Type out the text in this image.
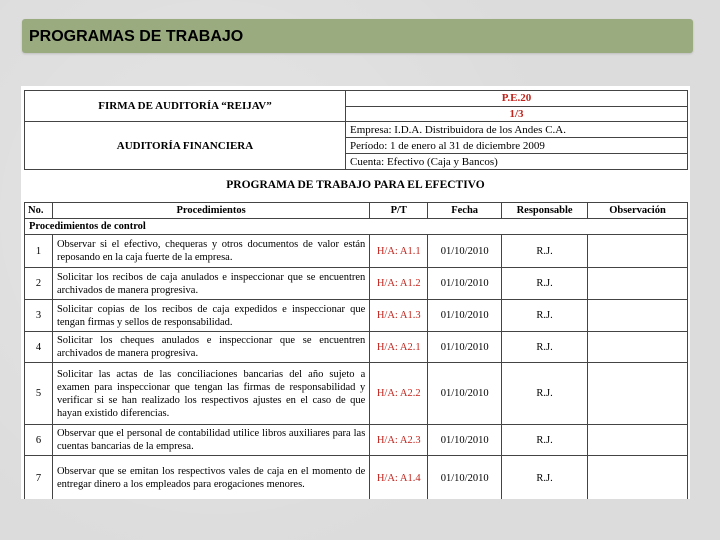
PROGRAMAS DE TRABAJO
FIRMA DE AUDITORÍA “REIJAV”	P.E.20
	1/3
AUDITORÍA FINANCIERA	Empresa: I.D.A. Distribuidora de los Andes C.A.
	Período: 1 de enero al 31 de diciembre 2009
	Cuenta: Efectivo (Caja y Bancos)
PROGRAMA DE TRABAJO PARA EL EFECTIVO
No.	Procedimientos	P/T	Fecha	Responsable	Observación
Procedimientos de control					
1	Observar si el efectivo, chequeras y otros documentos de valor están reposando en la caja fuerte de la empresa.	H/A: A1.1	01/10/2010	R.J.	
2	Solicitar los recibos de caja anulados e inspeccionar que se encuentren archivados de manera progresiva.	H/A: A1.2	01/10/2010	R.J.	
3	Solicitar copias de los recibos de caja expedidos e inspeccionar que tengan firmas y sellos de responsabilidad.	H/A: A1.3	01/10/2010	R.J.	
4	Solicitar los cheques anulados e inspeccionar que se encuentren archivados de manera progresiva.	H/A: A2.1	01/10/2010	R.J.	
5	Solicitar las actas de las conciliaciones bancarias del año sujeto a examen para inspeccionar que tengan las firmas de responsabilidad y verificar si se han realizado los respectivos ajustes en el caso de que hayan existido diferencias.	H/A: A2.2	01/10/2010	R.J.	
6	Observar que el personal de contabilidad utilice libros auxiliares para las cuentas bancarias de la empresa.	H/A: A2.3	01/10/2010	R.J.	
7	Observar que se emitan los respectivos vales de caja en el momento de entregar dinero a los empleados para erogaciones menores.	H/A: A1.4	01/10/2010	R.J.	
